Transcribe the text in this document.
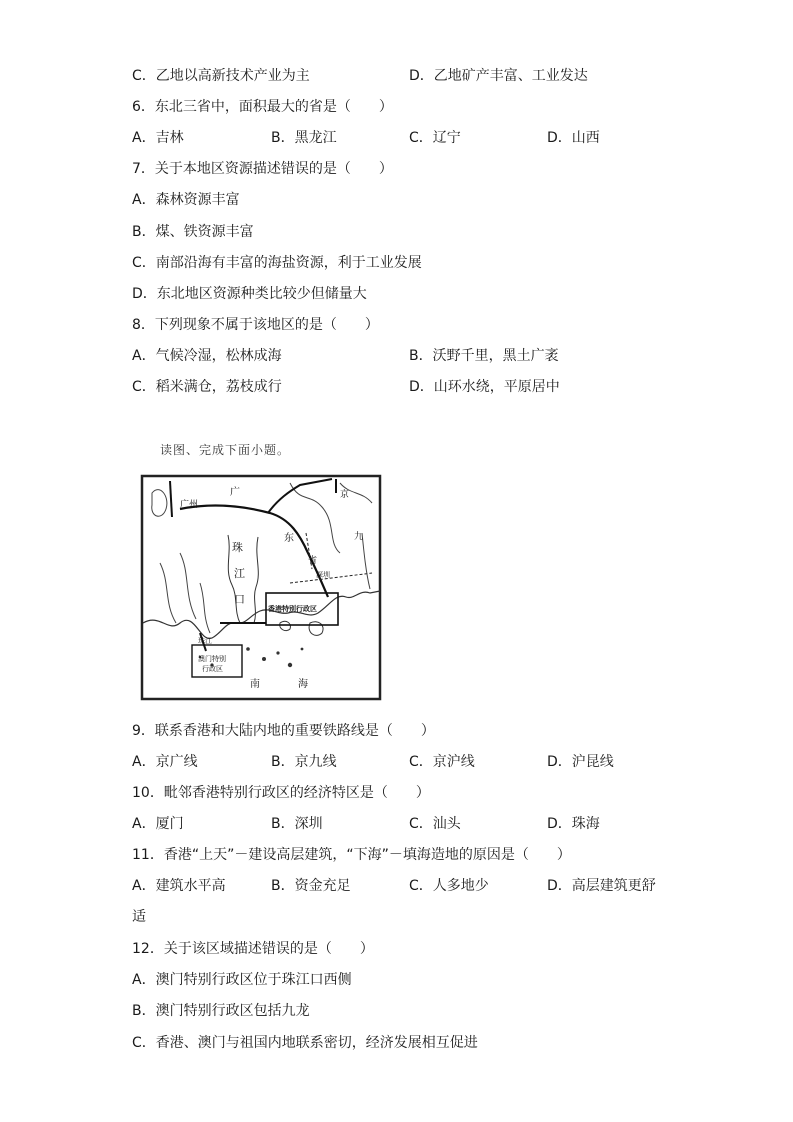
C．乙地以高新技术产业为主	D．乙地矿产丰富、工业发达
6．东北三省中，面积最大的省是（　　）
A．吉林	B．黑龙江	C．辽宁	D．山西
7．关于本地区资源描述错误的是（　　）
A．森林资源丰富
B．煤、铁资源丰富
C．南部沿海有丰富的海盐资源，利于工业发展
D．东北地区资源种类比较少但储量大
8．下列现象不属于该地区的是（　　）
A．气候冷湿，松林成海	B．沃野千里，黑土广袤
C．稻米满仓，荔枝成行	D．山环水绕，平原居中
读图、完成下面小题。
广州
广
东
省
珠
江
口
九
京
深圳
香港特别行政区
珠江
澳门特别
行政区
南	海
9．联系香港和大陆内地的重要铁路线是（　　）
A．京广线	B．京九线	C．京沪线	D．沪昆线
10．毗邻香港特别行政区的经济特区是（　　）
A．厦门	B．深圳	C．汕头	D．珠海
11．香港“上天”－建设高层建筑，“下海”－填海造地的原因是（　　）
A．建筑水平高	B．资金充足	C．人多地少	D．高层建筑更舒
适
12．关于该区域描述错误的是（　　）
A．澳门特别行政区位于珠江口西侧
B．澳门特别行政区包括九龙
C．香港、澳门与祖国内地联系密切，经济发展相互促进
